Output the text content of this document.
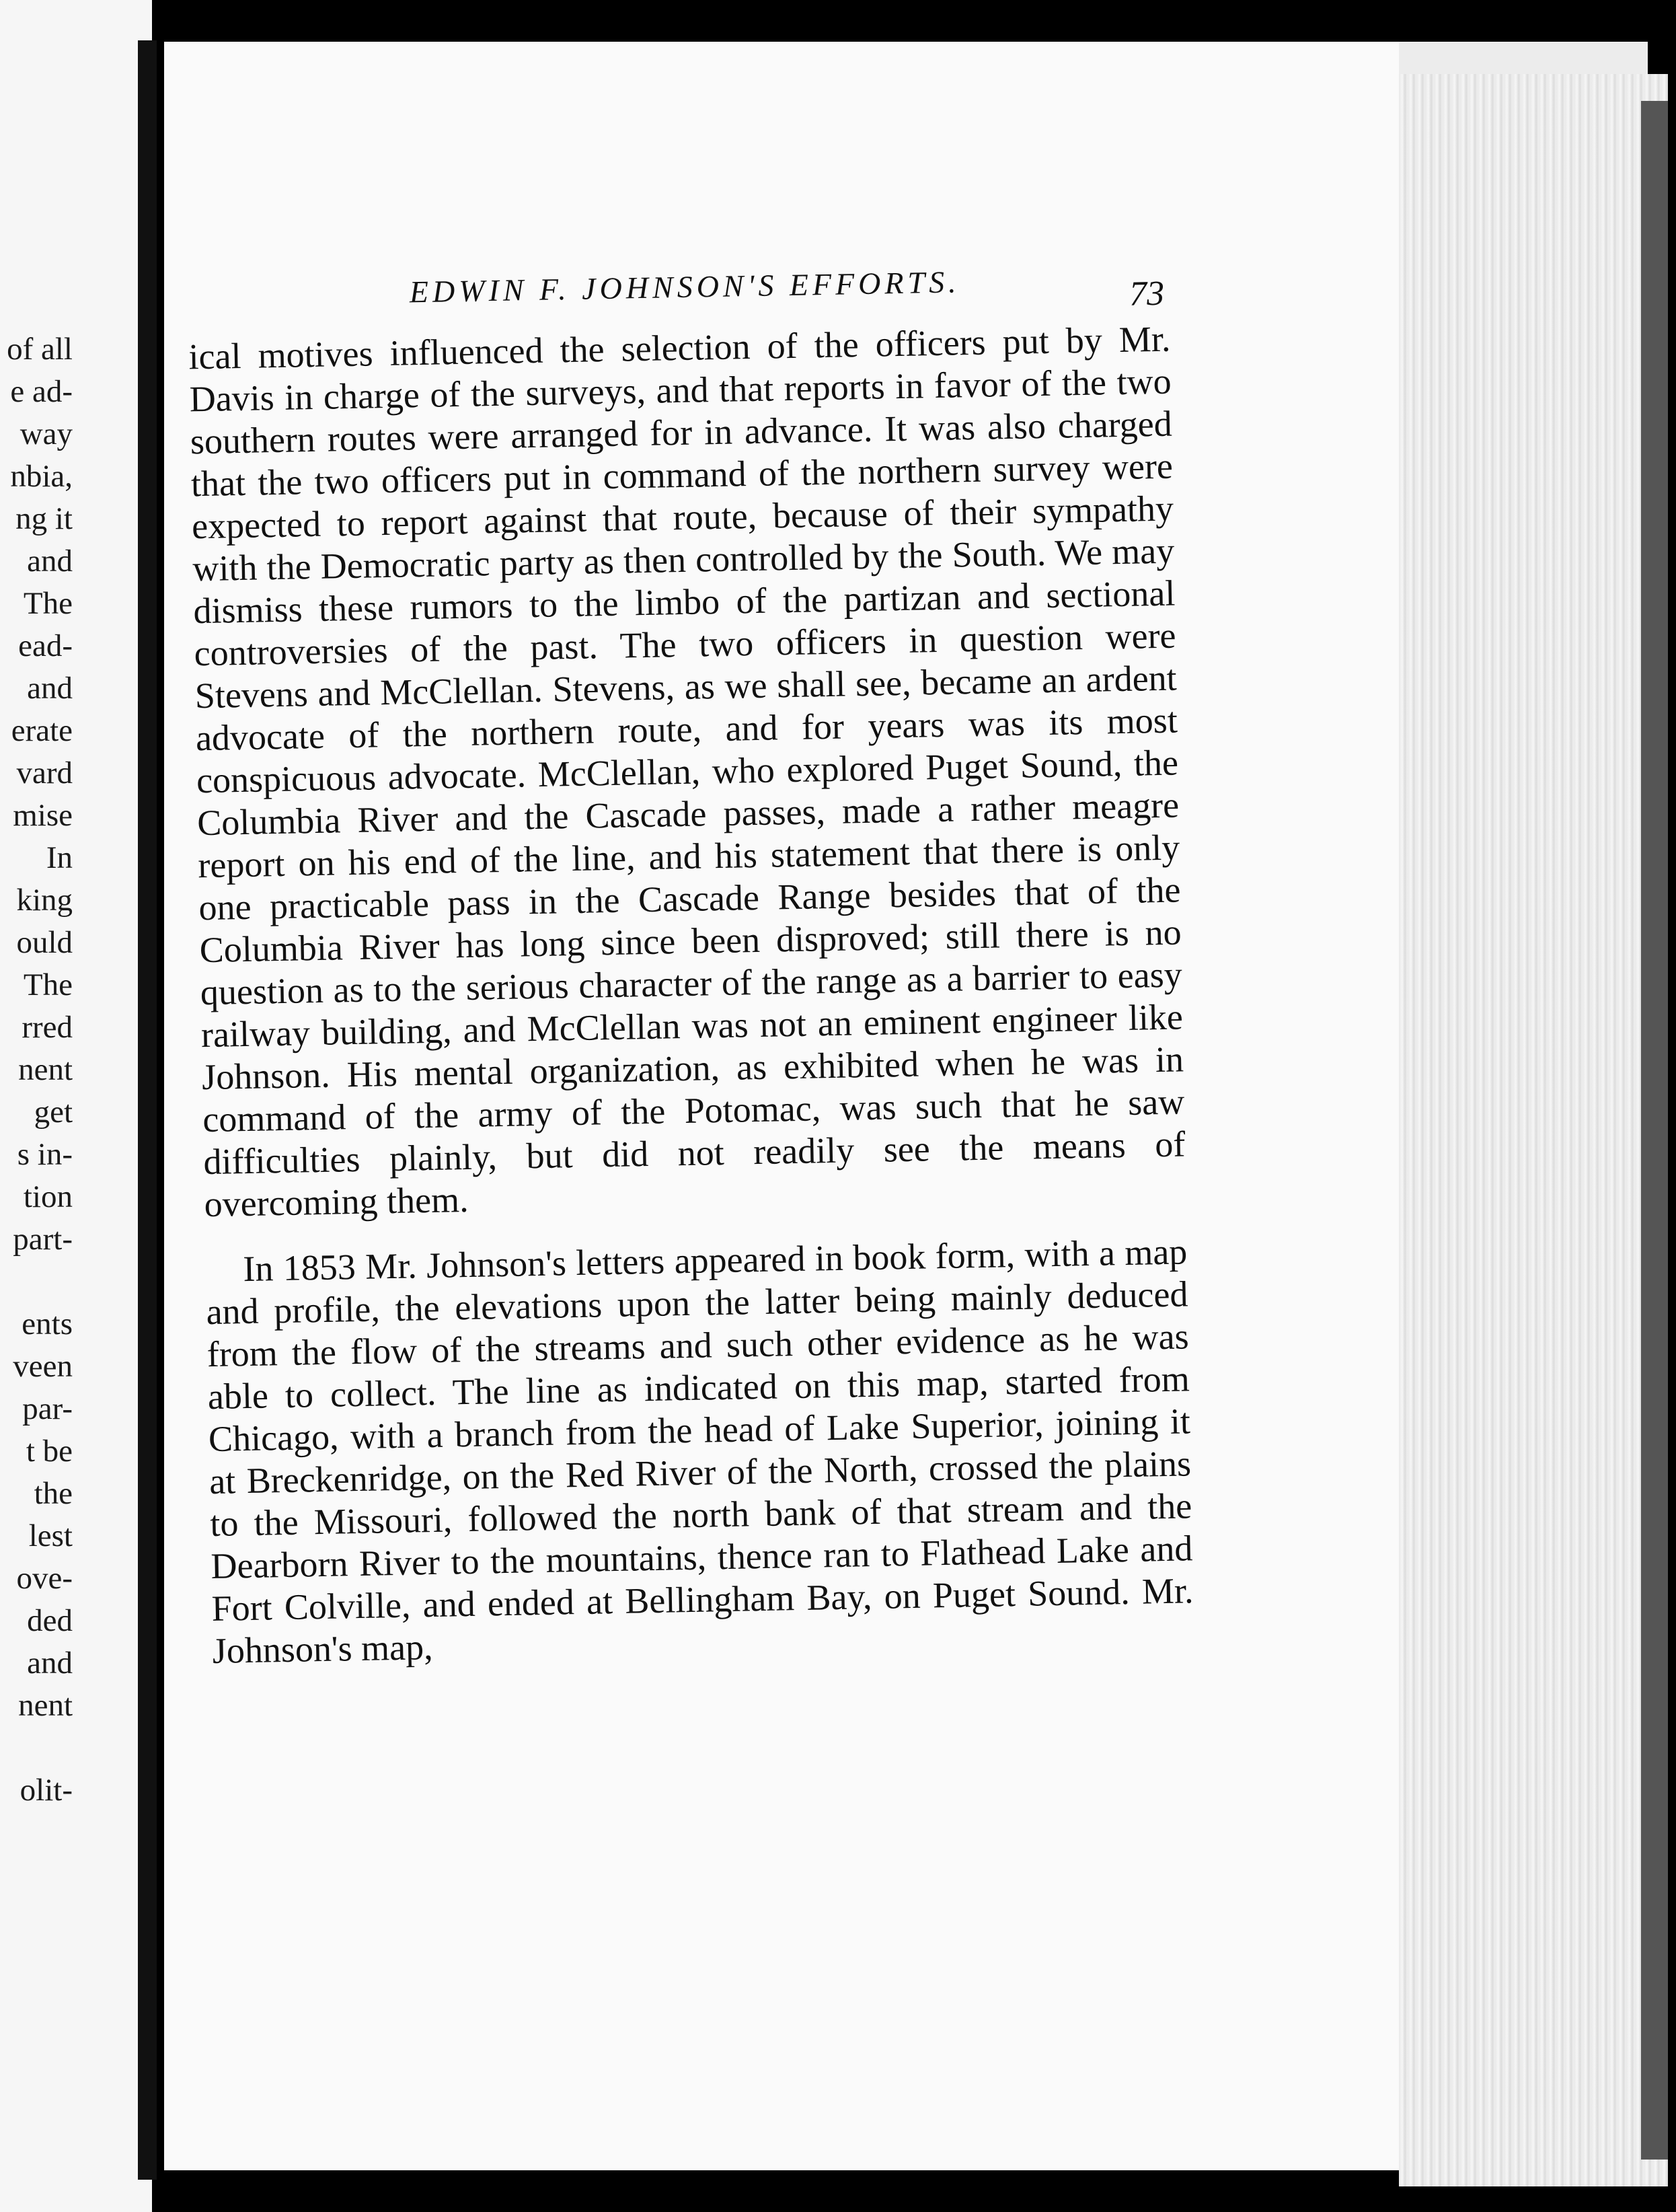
of all
e ad-
way
nbia,
ng it
and
The
ead-
and
erate
vard
mise
In
king
ould
The
rred
nent
get
s in-
tion
part-

ents
veen
par-
t be
the
lest
ove-
ded
and
nent

olit-
EDWIN F. JOHNSON'S EFFORTS.	73

ical motives influenced the selection of the officers put by Mr. Davis in charge of the surveys, and that reports in favor of the two southern routes were arranged for in advance. It was also charged that the two officers put in command of the northern survey were expected to report against that route, because of their sympathy with the Democratic party as then controlled by the South. We may dismiss these rumors to the limbo of the partizan and sectional controversies of the past. The two officers in question were Stevens and McClellan. Stevens, as we shall see, became an ardent advocate of the northern route, and for years was its most conspicuous advocate. McClellan, who explored Puget Sound, the Columbia River and the Cascade passes, made a rather meagre report on his end of the line, and his statement that there is only one practicable pass in the Cascade Range besides that of the Columbia River has long since been disproved; still there is no question as to the serious character of the range as a barrier to easy railway building, and McClellan was not an eminent engineer like Johnson. His mental organization, as exhibited when he was in command of the army of the Potomac, was such that he saw difficulties plainly, but did not readily see the means of overcoming them.

In 1853 Mr. Johnson's letters appeared in book form, with a map and profile, the elevations upon the latter being mainly deduced from the flow of the streams and such other evidence as he was able to collect. The line as indicated on this map, started from Chicago, with a branch from the head of Lake Superior, joining it at Breckenridge, on the Red River of the North, crossed the plains to the Missouri, followed the north bank of that stream and the Dearborn River to the mountains, thence ran to Flathead Lake and Fort Colville, and ended at Bellingham Bay, on Puget Sound. Mr. Johnson's map,
